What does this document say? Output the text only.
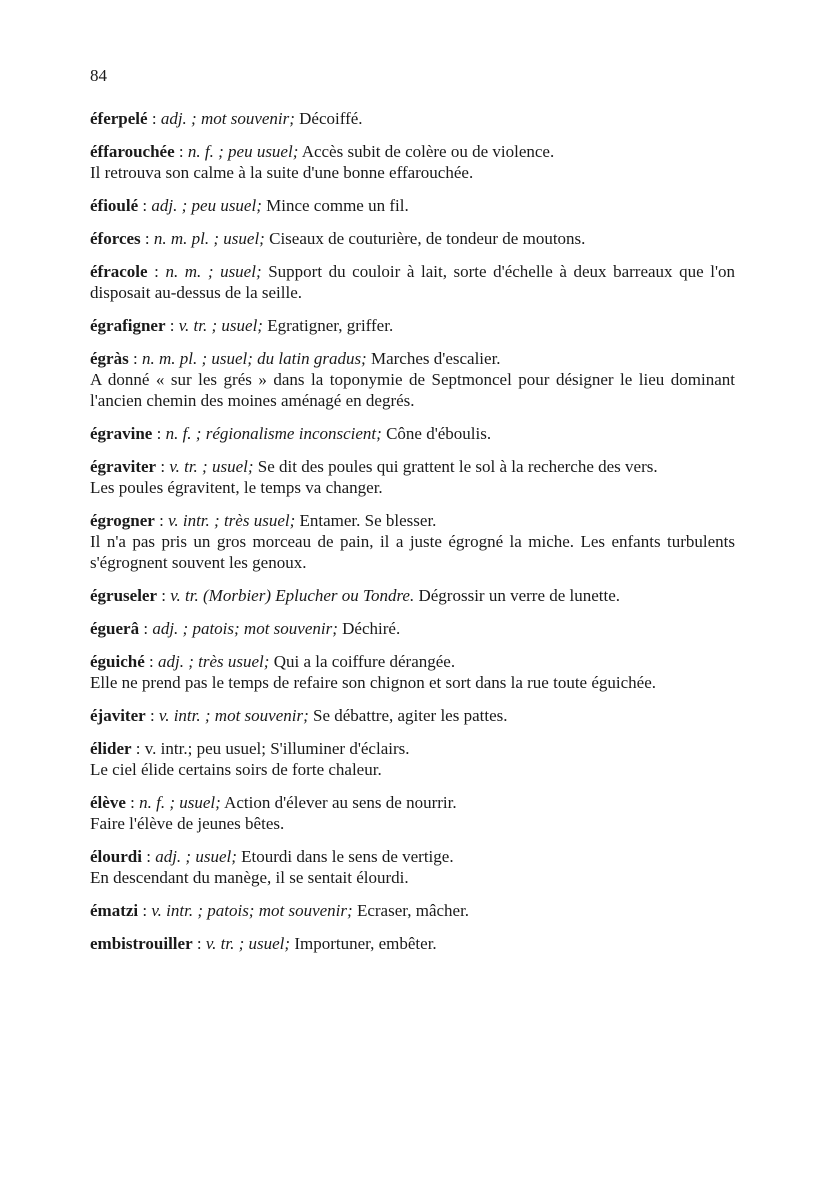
84

éferpelé : adj. ; mot souvenir; Décoiffé.

éffarouchée : n. f. ; peu usuel; Accès subit de colère ou de violence.
Il retrouva son calme à la suite d'une bonne effarouchée.

éfioulé : adj. ; peu usuel; Mince comme un fil.

éforces : n. m. pl. ; usuel; Ciseaux de couturière, de tondeur de moutons.

éfracole : n. m. ; usuel; Support du couloir à lait, sorte d'échelle à deux barreaux que l'on disposait au-dessus de la seille.

égrafigner : v. tr. ; usuel; Egratigner, griffer.

égràs : n. m. pl. ; usuel; du latin gradus; Marches d'escalier.
A donné « sur les grés » dans la toponymie de Septmoncel pour désigner le lieu dominant l'ancien chemin des moines aménagé en degrés.

égravine : n. f. ; régionalisme inconscient; Cône d'éboulis.

égraviter : v. tr. ; usuel; Se dit des poules qui grattent le sol à la recherche des vers.
Les poules égravitent, le temps va changer.

égrogner : v. intr. ; très usuel; Entamer. Se blesser.
Il n'a pas pris un gros morceau de pain, il a juste égrogné la miche. Les enfants turbulents s'égrognent souvent les genoux.

égruseler : v. tr. (Morbier) Eplucher ou Tondre. Dégrossir un verre de lunette.

éguerâ : adj. ; patois; mot souvenir; Déchiré.

éguiché : adj. ; très usuel; Qui a la coiffure dérangée.
Elle ne prend pas le temps de refaire son chignon et sort dans la rue toute éguichée.

éjaviter : v. intr. ; mot souvenir; Se débattre, agiter les pattes.

élider : v. intr.; peu usuel; S'illuminer d'éclairs.
Le ciel élide certains soirs de forte chaleur.

élève : n. f. ; usuel; Action d'élever au sens de nourrir.
Faire l'élève de jeunes bêtes.

élourdi : adj. ; usuel; Etourdi dans le sens de vertige.
En descendant du manège, il se sentait élourdi.

ématzi : v. intr. ; patois; mot souvenir; Ecraser, mâcher.

embistrouiller : v. tr. ; usuel; Importuner, embêter.
